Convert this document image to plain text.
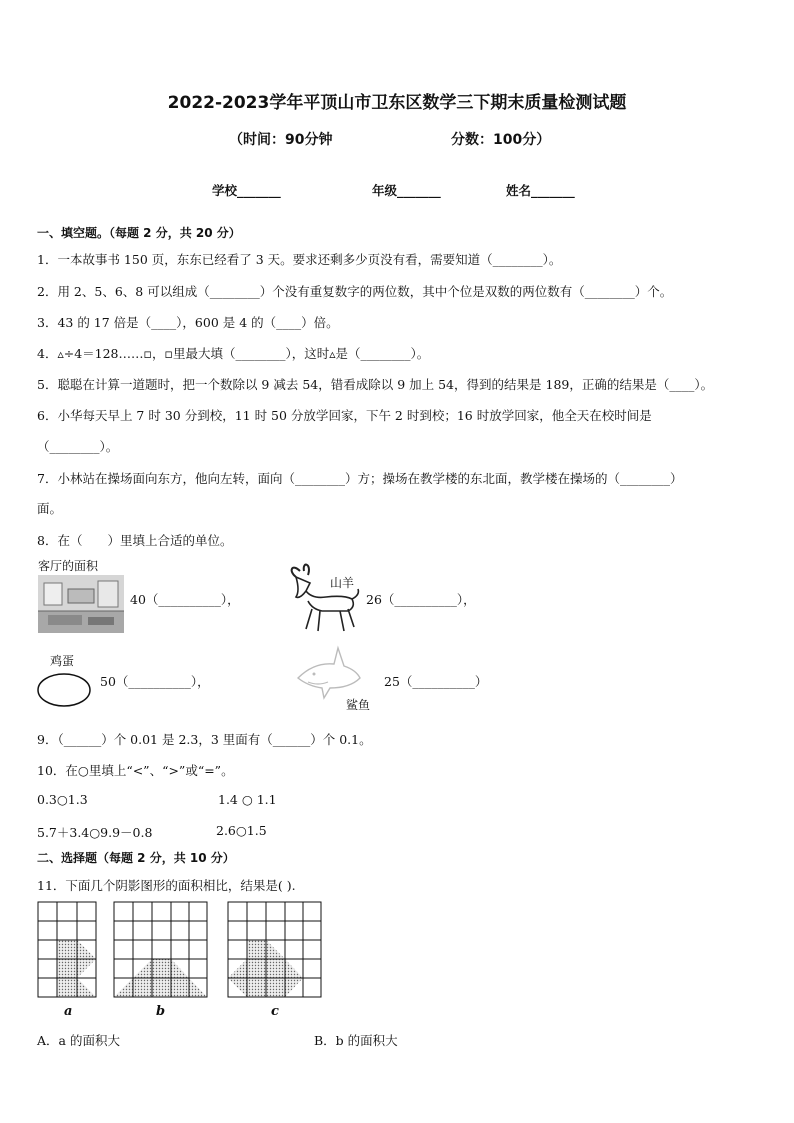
2022-2023学年平顶山市卫东区数学三下期末质量检测试题
（时间：90分钟	分数：100分）
学校_______	年级_______	姓名_______
一、填空题。（每题 2 分，共 20 分）
1．一本故事书 150 页，东东已经看了 3 天。要求还剩多少页没有看，需要知道（________）。
2．用 2、5、6、8 可以组成（________）个没有重复数字的两位数，其中个位是双数的两位数有（________）个。
3．43 的 17 倍是（____），600 是 4 的（____）倍。
4．▵÷4＝128……▫，▫里最大填（________），这时▵是（________）。
5．聪聪在计算一道题时，把一个数除以 9 减去 54，错看成除以 9 加上 54，得到的结果是 189，正确的结果是（____）。
6．小华每天早上 7 时 30 分到校，11 时 50 分放学回家，下午 2 时到校；16 时放学回家，他全天在校时间是
（________）。
7．小林站在操场面向东方，他向左转，面向（________）方；操场在教学楼的东北面，教学楼在操场的（________）
面。
8．在（　　）里填上合适的单位。
客厅的面积
40（__________），
山羊
26（__________），
鸡蛋
50（__________），
鲨鱼
25（__________）
9．（______）个 0.01 是 2.3，3 里面有（______）个 0.1。
10．在○里填上“<”、“>”或“=”。
0.3○1.3	1.4 ○ 1.1
5.7＋3.4○9.9－0.8	2.6○1.5
二、选择题（每题 2 分，共 10 分）
11．下面几个阴影图形的面积相比，结果是( ).
a	b	c
A．a 的面积大	B．b 的面积大
